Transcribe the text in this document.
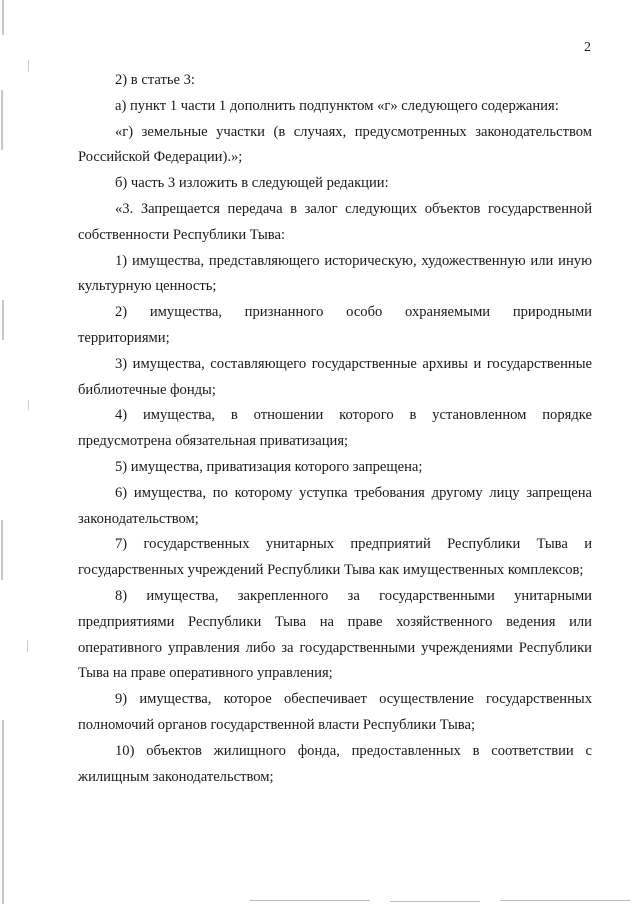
2
2) в статье 3:
а) пункт 1 части 1 дополнить подпунктом «г» следующего содержания:
«г) земельные участки (в случаях, предусмотренных законодательством Российской Федерации).»;
б) часть 3 изложить в следующей редакции:
«3. Запрещается передача в залог следующих объектов государственной собственности Республики Тыва:
1) имущества, представляющего историческую, художественную или иную культурную ценность;
2) имущества, признанного особо охраняемыми природными территориями;
3) имущества, составляющего государственные архивы и государственные библиотечные фонды;
4) имущества, в отношении которого в установленном порядке предусмотрена обязательная приватизация;
5) имущества, приватизация которого запрещена;
6) имущества, по которому уступка требования другому лицу запрещена законодательством;
7) государственных унитарных предприятий Республики Тыва и государственных учреждений Республики Тыва как имущественных комплексов;
8) имущества, закрепленного за государственными унитарными предприятиями Республики Тыва на праве хозяйственного ведения или оперативного управления либо за государственными учреждениями Республики Тыва на праве оперативного управления;
9) имущества, которое обеспечивает осуществление государственных полномочий органов государственной власти Республики Тыва;
10) объектов жилищного фонда, предоставленных в соответствии с жилищным законодательством;
